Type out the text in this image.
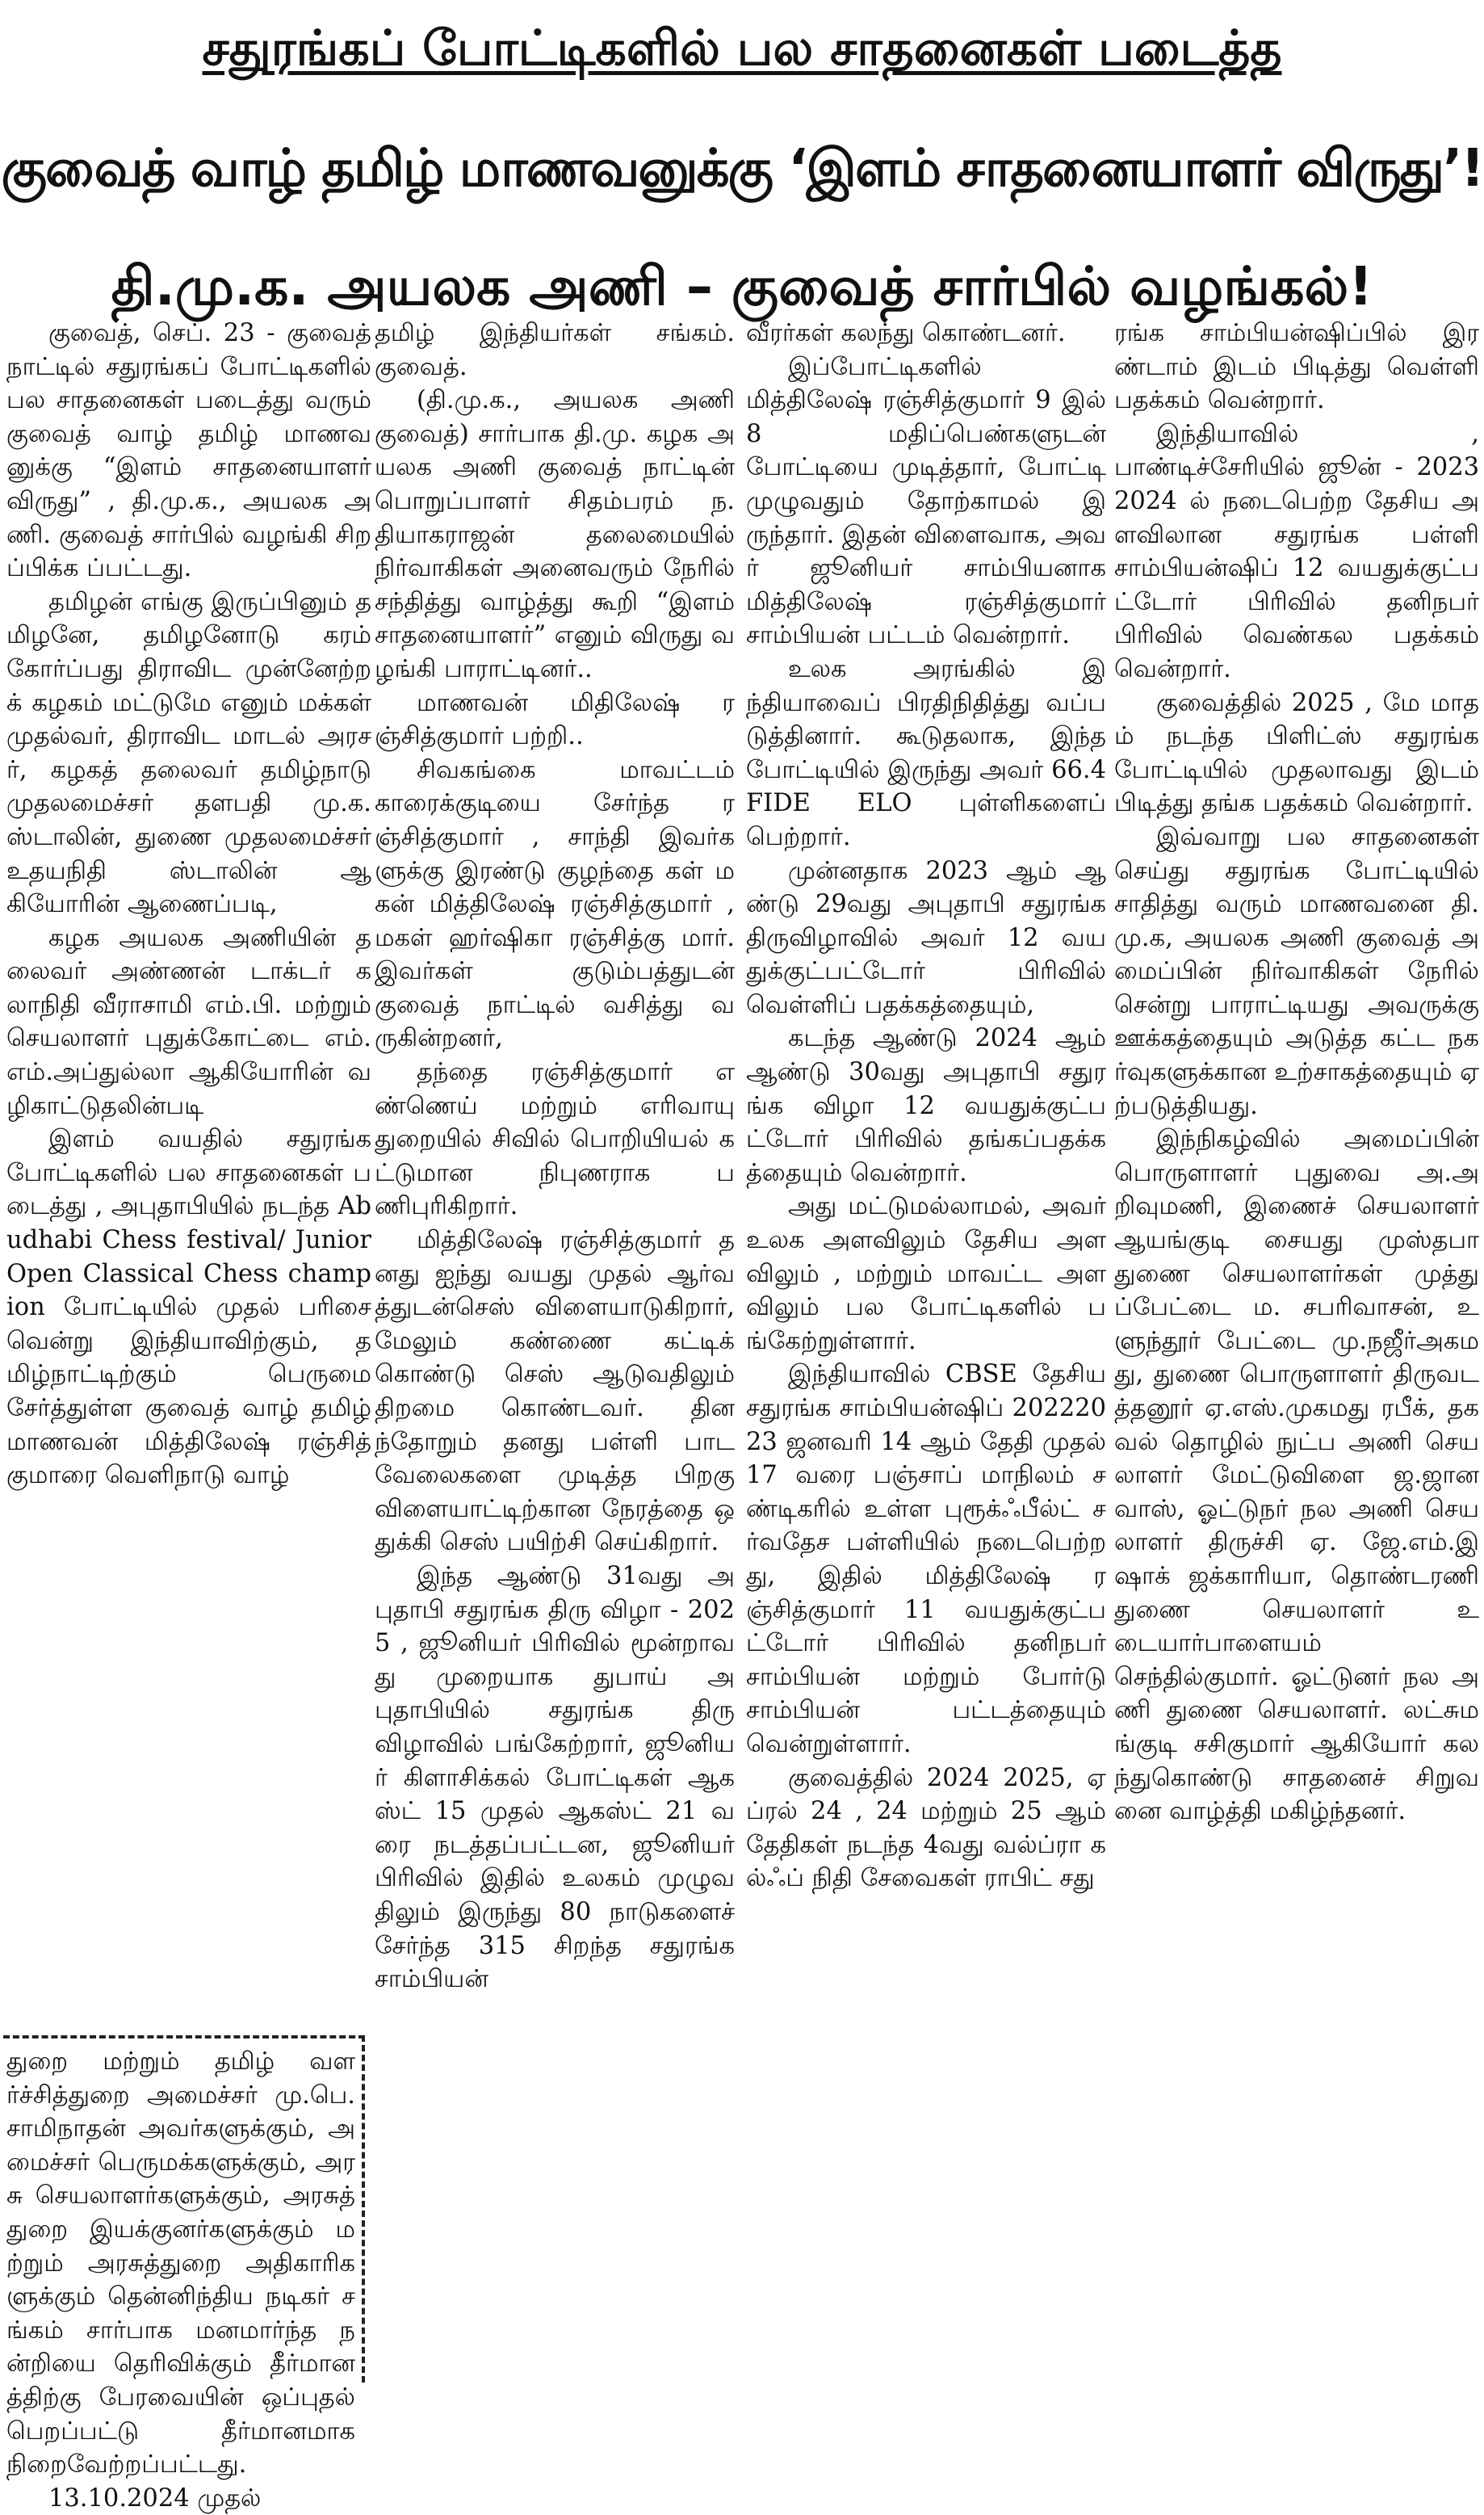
சதுரங்கப் போட்டிகளில் பல சாதனைகள் படைத்த
குவைத் வாழ் தமிழ் மாணவனுக்கு ‘இளம் சாதனையாளர் விருது’!
தி.மு.க. அயலக அணி – குவைத் சார்பில் வழங்கல்!

குவைத், செப். 23 - குவைத் நாட்டில் சதுரங்கப் போட்டிகளில் பல சாதனைகள் படைத்து வரும் குவைத் வாழ் தமிழ் மாணவனுக்கு “இளம் சாதனையாளர் விருது” , தி.மு.க., அயலக அணி. குவைத் சார்பில் வழங்கி சிறப்பிக்க ப்பட்டது.

தமிழன் எங்கு இருப்பினும் தமிழனே, தமிழனோடு கரம் கோர்ப்பது திராவிட முன்னேற்றக் கழகம் மட்டுமே எனும் மக்கள் முதல்வர், திராவிட மாடல் அரசர், கழகத் தலைவர் தமிழ்நாடு முதலமைச்சர் தளபதி மு.க. ஸ்டாலின், துணை முதலமைச்சர் உதயநிதி ஸ்டாலின் ஆகியோரின் ஆணைப்படி,

கழக அயலக அணியின் தலைவர் அண்ணன் டாக்டர் கலாநிதி வீராசாமி எம்.பி. மற்றும் செயலாளர் புதுக்கோட்டை எம். எம்.அப்துல்லா ஆகியோரின் வழிகாட்டுதலின்படி

இளம் வயதில் சதுரங்க போட்டிகளில் பல சாதனைகள் படைத்து , அபுதாபியில் நடந்த Abudhabi Chess festival/ Junior Open Classical Chess champion போட்டியில் முதல் பரிசை வென்று இந்தியாவிற்கும், தமிழ்நாட்டிற்கும் பெருமை சேர்த்துள்ள குவைத் வாழ் தமிழ் மாணவன் மித்திலேஷ் ரஞ்சித் குமாரை வெளிநாடு வாழ்

துறை மற்றும் தமிழ் வளர்ச்சித்துறை அமைச்சர் மு.பெ.சாமிநாதன் அவர்களுக்கும், அமைச்சர் பெருமக்களுக்கும், அரசு செயலாளர்களுக்கும், அரசுத் துறை இயக்குனர்களுக்கும் மற்றும் அரசுத்துறை அதிகாரிகளுக்கும் தென்னிந்திய நடிகர் சங்கம் சார்பாக மனமார்ந்த நன்றியை தெரிவிக்கும் தீர்மானத்திற்கு பேரவையின் ஒப்புதல் பெறப்பட்டு தீர்மானமாக நிறைவேற்றப்பட்டது.

13.10.2024 முதல்

தமிழ் இந்தியர்கள் சங்கம். குவைத்.

(தி.மு.க., அயலக அணி குவைத்) சார்பாக தி.மு. கழக அயலக அணி குவைத் நாட்டின் பொறுப்பாளர் சிதம்பரம் ந.தியாகராஜன் தலைமையில் நிர்வாகிகள் அனைவரும் நேரில் சந்தித்து வாழ்த்து கூறி “இளம் சாதனையாளர்” எனும் விருது வழங்கி பாராட்டினர்..

மாணவன் மிதிலேஷ் ரஞ்சித்குமார் பற்றி..

சிவகங்கை மாவட்டம் காரைக்குடியை சேர்ந்த ரஞ்சித்குமார் , சாந்தி இவர்களுக்கு இரண்டு குழந்தை கள் மகன் மித்திலேஷ் ரஞ்சித்குமார் , மகள் ஹர்ஷிகா ரஞ்சித்கு மார். இவர்கள் குடும்பத்துடன் குவைத் நாட்டில் வசித்து வருகின்றனர்,

தந்தை ரஞ்சித்குமார் எண்ணெய் மற்றும் எரிவாயு துறையில் சிவில் பொறியியல் கட்டுமான நிபுணராக பணிபுரிகிறார்.

மித்திலேஷ் ரஞ்சித்குமார் தனது ஐந்து வயது முதல் ஆர்வத்துடன்செஸ் விளையாடுகிறார், மேலும் கண்ணை கட்டிக் கொண்டு செஸ் ஆடுவதிலும் திறமை கொண்டவர். தினந்தோறும் தனது பள்ளி பாட வேலைகளை முடித்த பிறகு விளையாட்டிற்கான நேரத்தை ஒதுக்கி செஸ் பயிற்சி செய்கிறார்.

இந்த ஆண்டு 31வது அபுதாபி சதுரங்க திரு விழா - 2025 , ஜூனியர் பிரிவில் மூன்றாவது முறையாக துபாய் அபுதாபியில் சதுரங்க திரு விழாவில் பங்கேற்றார், ஜூனியர் கிளாசிக்கல் போட்டிகள் ஆகஸ்ட் 15 முதல் ஆகஸ்ட் 21 வரை நடத்தப்பட்டன, ஜூனியர் பிரிவில் இதில் உலகம் முழுவதிலும் இருந்து 80 நாடுகளைச் சேர்ந்த 315 சிறந்த சதுரங்க சாம்பியன்

வீரர்கள் கலந்து கொண்டனர்.

இப்போட்டிகளில் மித்திலேஷ் ரஞ்சித்குமார் 9 இல் 8 மதிப்பெண்களுடன் போட்டியை முடித்தார், போட்டி முழுவதும் தோற்காமல் இருந்தார். இதன் விளைவாக, அவர் ஜூனியர் சாம்பியனாக மித்திலேஷ் ரஞ்சித்குமார் சாம்பியன் பட்டம் வென்றார்.

உலக அரங்கில் இந்தியாவைப் பிரதிநிதித்து வப்படுத்தினார். கூடுதலாக, இந்த போட்டியில் இருந்து அவர் 66.4 FIDE ELO புள்ளிகளைப் பெற்றார்.

முன்னதாக 2023 ஆம் ஆண்டு 29வது அபுதாபி சதுரங்க திருவிழாவில் அவர் 12 வயதுக்குட்பட்டோர் பிரிவில் வெள்ளிப் பதக்கத்தையும்,

கடந்த ஆண்டு 2024 ஆம் ஆண்டு 30வது அபுதாபி சதுரங்க விழா 12 வயதுக்குட்பட்டோர் பிரிவில் தங்கப்பதக்கத்தையும் வென்றார்.

அது மட்டுமல்லாமல், அவர் உலக அளவிலும் தேசிய அளவிலும் , மற்றும் மாவட்ட அளவிலும் பல போட்டிகளில் பங்கேற்றுள்ளார்.

இந்தியாவில் CBSE தேசிய சதுரங்க சாம்பியன்ஷிப் 20222023 ஜனவரி 14 ஆம் தேதி முதல் 17 வரை பஞ்சாப் மாநிலம் சண்டிகரில் உள்ள புரூக்ஃபீல்ட் சர்வதேச பள்ளியில் நடைபெற்றது, இதில் மித்திலேஷ் ரஞ்சித்குமார் 11 வயதுக்குட்பட்டோர் பிரிவில் தனிநபர் சாம்பியன் மற்றும் போர்டு சாம்பியன் பட்டத்தையும் வென்றுள்ளார்.

குவைத்தில் 2024 2025, ஏப்ரல் 24 , 24 மற்றும் 25 ஆம் தேதிகள் நடந்த 4வது வல்ப்ரா கல்ஃப் நிதி சேவைகள் ராபிட் சது

ரங்க சாம்பியன்ஷிப்பில் இரண்டாம் இடம் பிடித்து வெள்ளி பதக்கம் வென்றார்.

இந்தியாவில் , பாண்டிச்சேரியில் ஜூன் - 2023 2024 ல் நடைபெற்ற தேசிய அளவிலான சதுரங்க பள்ளி சாம்பியன்ஷிப் 12 வயதுக்குட்பட்டோர் பிரிவில் தனிநபர் பிரிவில் வெண்கல பதக்கம் வென்றார்.

குவைத்தில் 2025 , மே மாதம் நடந்த பிளிட்ஸ் சதுரங்க போட்டியில் முதலாவது இடம் பிடித்து தங்க பதக்கம் வென்றார்.

இவ்வாறு பல சாதனைகள் செய்து சதுரங்க போட்டியில் சாதித்து வரும் மாணவனை தி.மு.க, அயலக அணி குவைத் அமைப்பின் நிர்வாகிகள் நேரில் சென்று பாராட்டியது அவருக்கு ஊக்கத்தையும் அடுத்த கட்ட நகர்வுகளுக்கான உற்சாகத்தையும் ஏற்படுத்தியது.

இந்நிகழ்வில் அமைப்பின் பொருளாளர் புதுவை அ.அறிவுமணி, இணைச் செயலாளர் ஆயங்குடி சையது முஸ்தபா துணை செயலாளர்கள் முத்து ப்பேட்டை ம. சபரிவாசன், உளுந்தூர் பேட்டை மு.நஜீர்அகமது, துணை பொருளாளர் திருவடத்தனூர் ஏ.எஸ்.முகமது ரபீக், தகவல் தொழில் நுட்ப அணி செயலாளர் மேட்டுவிளை ஜ.ஜானவாஸ், ஓட்டுநர் நல அணி செயலாளர் திருச்சி ஏ. ஜே.எம்.இஷாக் ஜக்காரியா, தொண்டரணி துணை செயலாளர் உடையார்பாளையம் செந்தில்குமார். ஓட்டுனர் நல அணி துணை செயலாளர். லட்சுமங்குடி சசிகுமார் ஆகியோர் கலந்துகொண்டு சாதனைச் சிறுவனை வாழ்த்தி மகிழ்ந்தனர்.
